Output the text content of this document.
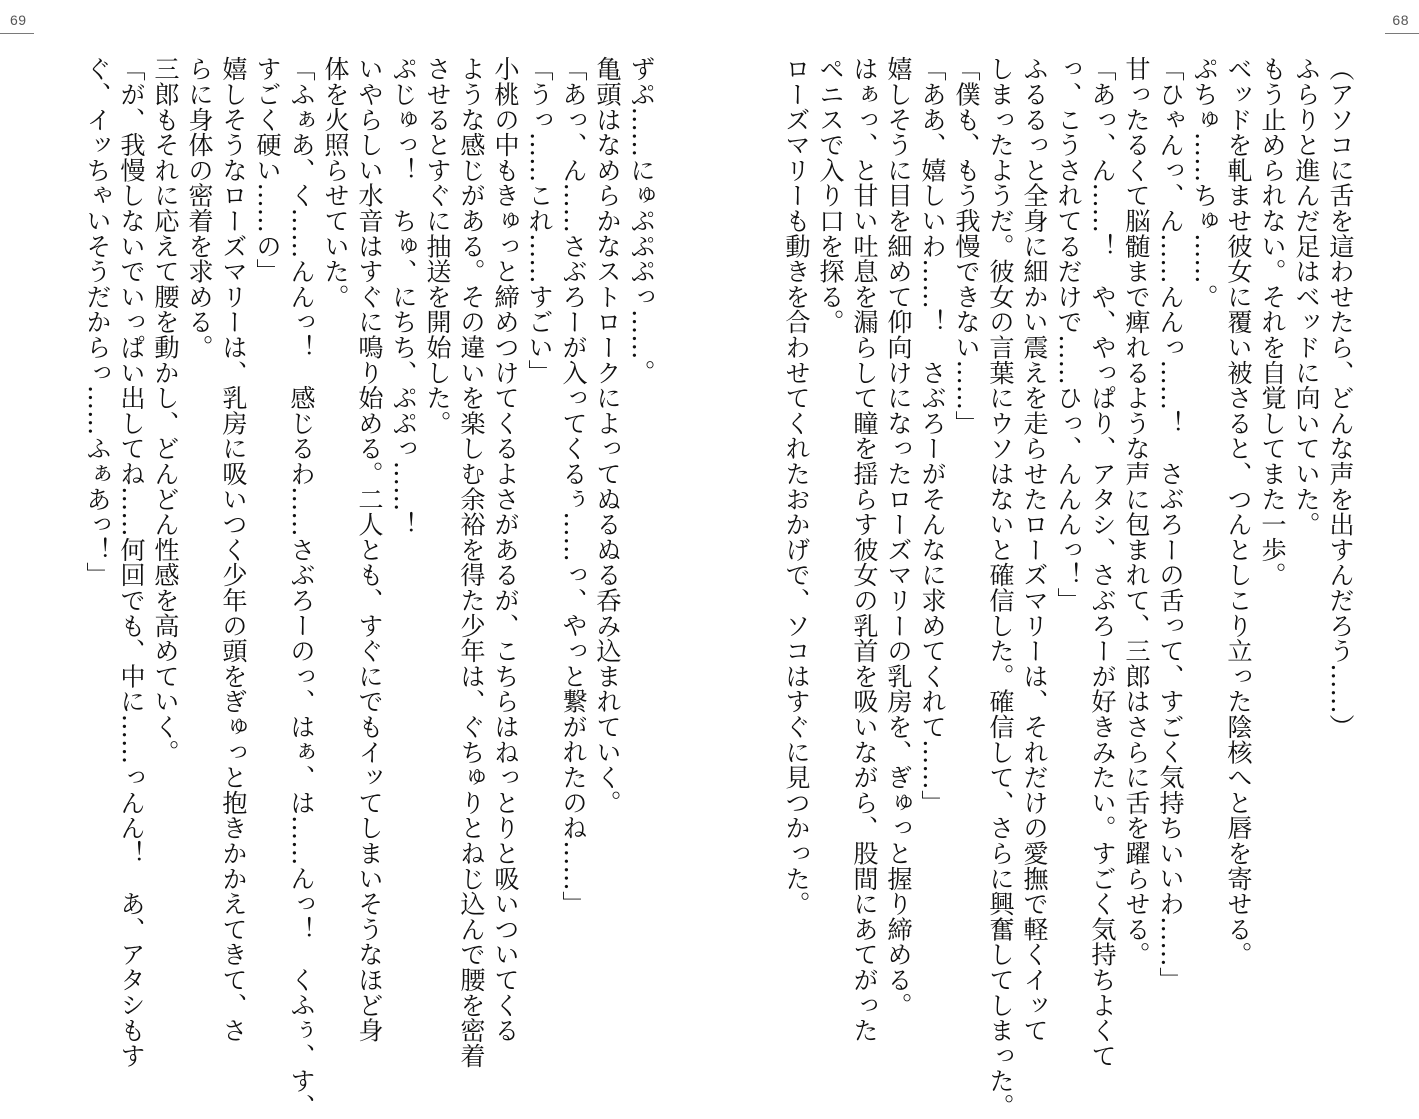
69	68
（アソコに舌を這わせたら、どんな声を出すんだろう……）
ふらりと進んだ足はベッドに向いていた。
もう止められない。それを自覚してまた一歩。
ベッドを軋ませ彼女に覆い被さると、つんとしこり立った陰核へと唇を寄せる。
ぷちゅ……ちゅ……。
「ひゃんっ、ん……んんっ……！　さぶろーの舌って、すごく気持ちいいわ……」
甘ったるくて脳髄まで痺れるような声に包まれて、三郎はさらに舌を躍らせる。
「あっ、ん……！　や、やっぱり、アタシ、さぶろーが好きみたい。すごく気持ちよくて
っ、こうされてるだけで……ひっ、んんんっ！」
ふるるっと全身に細かい震えを走らせたローズマリーは、それだけの愛撫で軽くイッて
しまったようだ。彼女の言葉にウソはないと確信した。確信して、さらに興奮してしまった。
「僕も、もう我慢できない……」
「ああ、嬉しいわ……！　さぶろーがそんなに求めてくれて……」
嬉しそうに目を細めて仰向けになったローズマリーの乳房を、ぎゅっと握り締める。
はぁっ、と甘い吐息を漏らして瞳を揺らす彼女の乳首を吸いながら、股間にあてがった
ペニスで入り口を探る。
ローズマリーも動きを合わせてくれたおかげで、ソコはすぐに見つかった。
ずぷ……にゅぷぷぷっ……。
亀頭はなめらかなストロークによってぬるぬる呑み込まれていく。
「あっ、ん……さぶろーが入ってくるぅ……っ、やっと繋がれたのね……」
「うっ……これ……すごい」
小桃の中もきゅっと締めつけてくるよさがあるが、こちらはねっとりと吸いついてくる
ような感じがある。その違いを楽しむ余裕を得た少年は、ぐちゅりとねじ込んで腰を密着
させるとすぐに抽送を開始した。
ぷじゅっ！　ちゅ、にちち、ぷぷっ……！
いやらしい水音はすぐに鳴り始める。二人とも、すぐにでもイッてしまいそうなほど身
体を火照らせていた。
「ふぁあ、く……んんっ！　感じるわ……さぶろーのっ、はぁ、は……んっ！　くふぅ、す、
すごく硬い……の」
嬉しそうなローズマリーは、乳房に吸いつく少年の頭をぎゅっと抱きかかえてきて、さ
らに身体の密着を求める。
三郎もそれに応えて腰を動かし、どんどん性感を高めていく。
「が、我慢しないでいっぱい出してね……何回でも、中に……っんん！　あ、アタシもす
ぐ、イッちゃいそうだからっ……ふぁあっ！」
